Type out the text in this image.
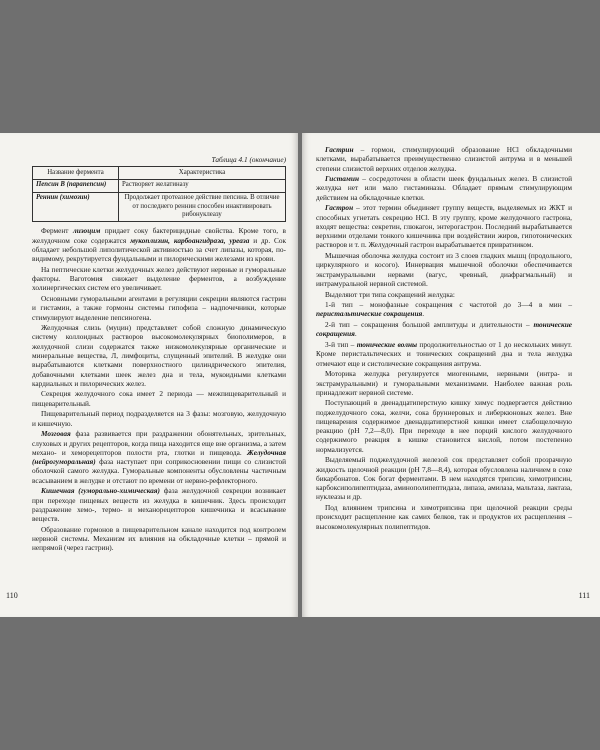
Таблица 4.1 (окончание)

Название фермента	Характеристика
Пепсин В (парапепсин)	Растворяет желатиназу
Реннин (химозин)	Продолжает протеазное действие пепсина. В отличие от последнего реннин способен инактивировать рибонуклеазу

Фермент лизоцим придает соку бактерицидные свойства. Кроме того, в желудочном соке содержатся мукоплизин, карбоангидраза, уреаза и др. Сок обладает небольшой липолитической активностью за счет липазы, которая, по-видимому, рекрутируется фундальными и пилорическими железами из крови.

На пептические клетки желудочных желез действуют нервные и гуморальные факторы. Ваготомия снижает выделение ферментов, а возбуждение холинергических систем его увеличивает.

Основными гуморальными агентами в регуляции секреции являются гастрин и гистамин, а также гормоны системы гипофиза – надпочечники, которые стимулируют выделение пепсиногена.

Желудочная слизь (муцин) представляет собой сложную динамическую систему коллоидных растворов высокомолекулярных биополимеров, в желудочной слизи содержатся также низкомолекулярные органические и минеральные вещества, Л, лимфоциты, слущенный эпителий. В желудке они вырабатываются клетками поверхностного цилиндрического эпителия, добавочными клетками шеек желез дна и тела, мукоидными клетками кардиальных и пилорических желез.

Секреция желудочного сока имеет 2 периода — межпищеварительный и пищеварительный.

Пищеварительный период подразделяется на 3 фазы: мозговую, желудочную и кишечную.

Мозговая фаза развивается при раздражении обонятельных, зрительных, слуховых и других рецепторов, когда пища находится еще вне организма, а затем механо- и хеморецепторов полости рта, глотки и пищевода. Желудочная (нейрогуморальная) фаза наступает при соприкосновении пищи со слизистой оболочкой самого желудка. Гуморальные компоненты обусловлены частичным всасыванием в желудке и отстают по времени от нервно-рефлекторного.

Кишечная (гуморально-химическая) фаза желудочной секреции возникает при переходе пищевых веществ из желудка в кишечник. Здесь происходит раздражение хемо-, термо- и механорецепторов кишечника и всасывание веществ.

Образование гормонов в пищеварительном канале находится под контролем нервной системы. Механизм их влияния на обкладочные клетки – прямой и непрямой (через гастрин).

110

Гастрин – гормон, стимулирующий образование HCl обкладочными клетками, вырабатывается преимущественно слизистой антрума и в меньшей степени слизистой верхних отделов желудка.

Гистамин – сосредоточен в области шеек фундальных желез. В слизистой желудка нет или мало гистаминазы. Обладает прямым стимулирующим действием на обкладочные клетки.

Гастрон – этот термин объединяет группу веществ, выделяемых из ЖКТ и способных угнетать секрецию HCl. В эту группу, кроме желудочного гастрона, входят вещества: секретин, глюкагон, энтерогастрон. Последний вырабатывается верхними отделами тонкого кишечника при воздействии жиров, гипотонических растворов и т. п. Желудочный гастрон вырабатывается привратником.

Мышечная оболочка желудка состоит из 3 слоев гладких мышц (продольного, циркулярного и косого). Иннервация мышечной оболочки обеспечивается экстрамуральными нервами (вагус, чревный, диафрагмальный) и интрамуральной нервной системой.

Выделяют три типа сокращений желудка:

1-й тип – монофазные сокращения с частотой до 3—4 в мин – перистальтические сокращения.

2-й тип – сокращения большой амплитуды и длительности – тонические сокращения.

3-й тип – тонические волны продолжительностью от 1 до нескольких минут. Кроме перистальтических и тонических сокращений дна и тела желудка отмечают еще и систолические сокращения антрума.

Моторика желудка регулируется миогенными, нервными (интра- и экстрамуральными) и гуморальными механизмами. Наиболее важная роль принадлежит нервной системе.

Поступающий в двенадцатиперстную кишку химус подвергается действию поджелудочного сока, желчи, сока бруннеровых и либеркюновых желез. Вне пищеварения содержимое двенадцатиперстной кишки имеет слабощелочную реакцию (рН 7,2—8,0). При переходе в нее порций кислого желудочного содержимого реакция в кишке становится кислой, потом постепенно нормализуется.

Выделяемый поджелудочной железой сок представляет собой прозрачную жидкость щелочной реакции (рН 7,8—8,4), которая обусловлена наличием в соке бикарбонатов. Сок богат ферментами. В нем находятся трипсин, химотрипсин, карбоксиполипептидаза, аминополипептидаза, липаза, амилаза, мальтаза, лактаза, нуклеазы и др.

Под влиянием трипсина и химотрипсина при щелочной реакции среды происходит расщепление как самих белков, так и продуктов их расщепления – высокомолекулярных полипептидов.

111
